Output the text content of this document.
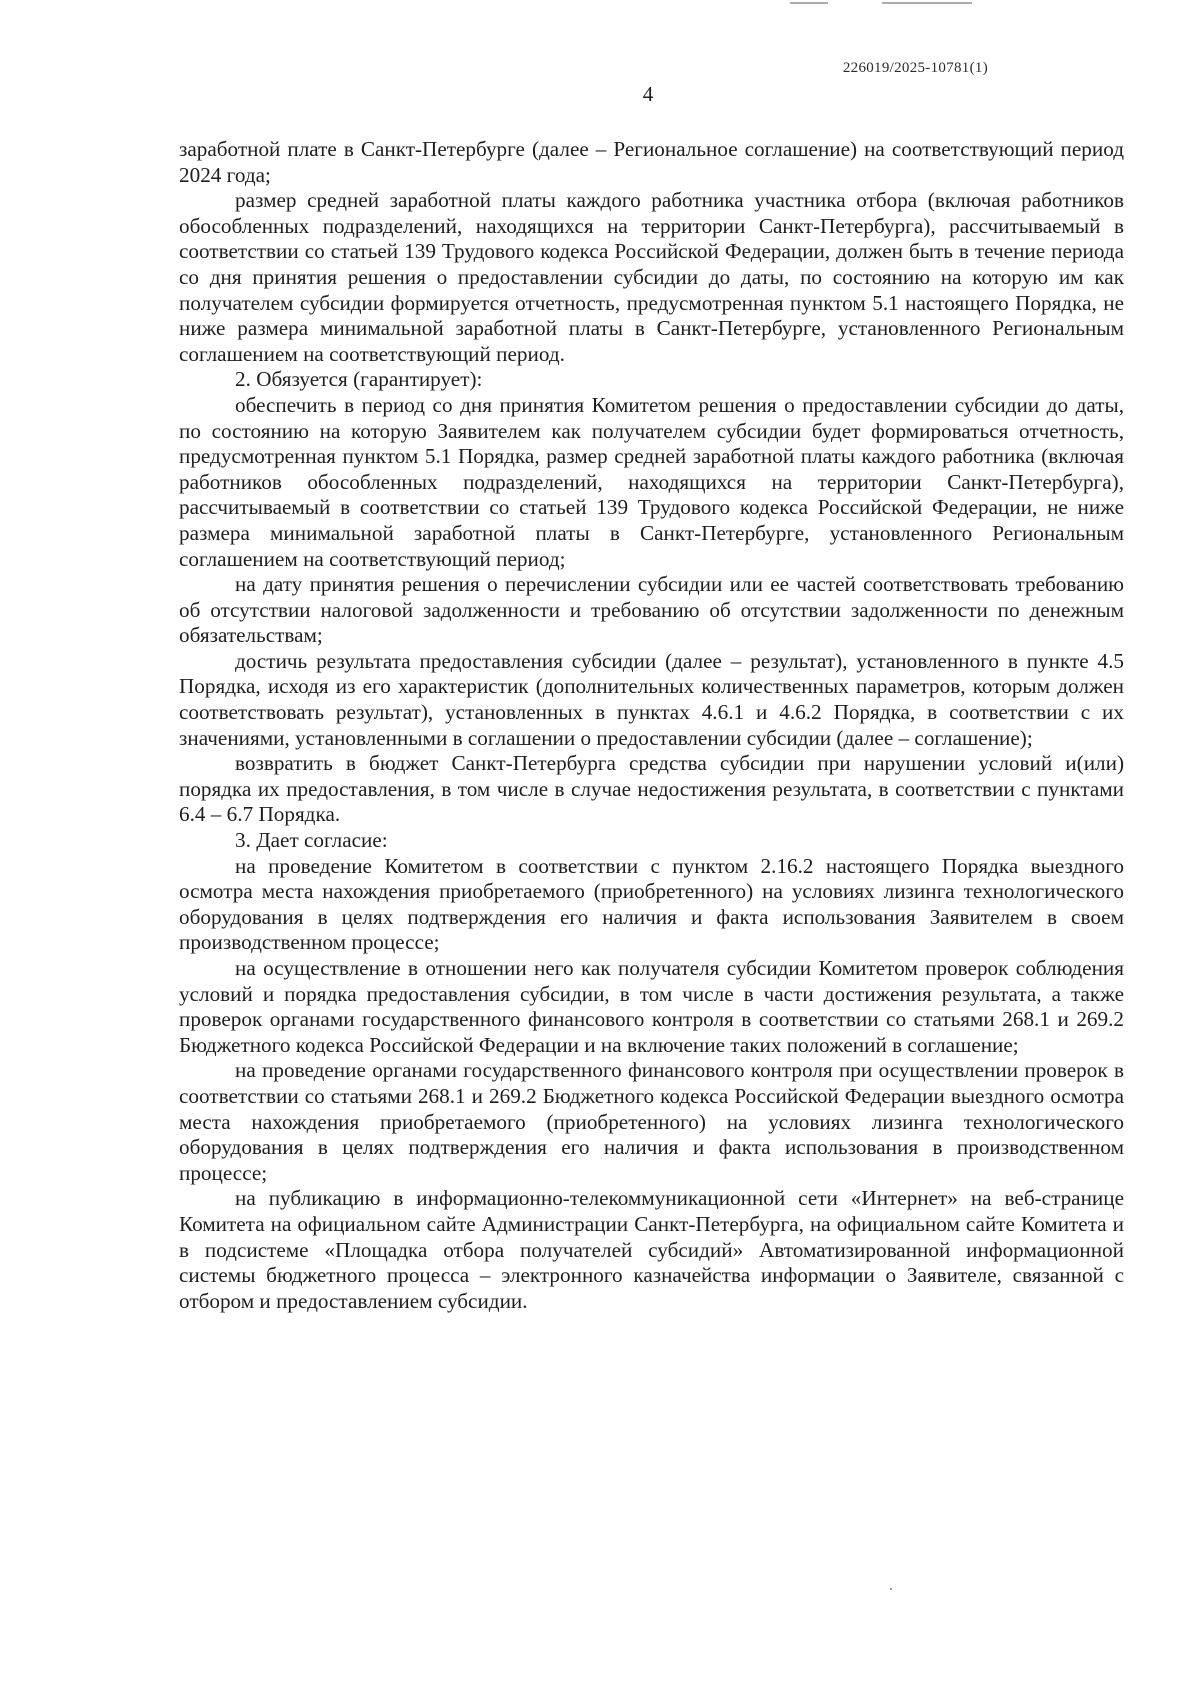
226019/2025-10781(1)
4

заработной плате в Санкт-Петербурге (далее – Региональное соглашение) на соответствующий период 2024 года;

размер средней заработной платы каждого работника участника отбора (включая работников обособленных подразделений, находящихся на территории Санкт-Петербурга), рассчитываемый в соответствии со статьей 139 Трудового кодекса Российской Федерации, должен быть в течение периода со дня принятия решения о предоставлении субсидии до даты, по состоянию на которую им как получателем субсидии формируется отчетность, предусмотренная пунктом 5.1 настоящего Порядка, не ниже размера минимальной заработной платы в Санкт-Петербурге, установленного Региональным соглашением на соответствующий период.

2. Обязуется (гарантирует):

обеспечить в период со дня принятия Комитетом решения о предоставлении субсидии до даты, по состоянию на которую Заявителем как получателем субсидии будет формироваться отчетность, предусмотренная пунктом 5.1 Порядка, размер средней заработной платы каждого работника (включая работников обособленных подразделений, находящихся на территории Санкт-Петербурга), рассчитываемый в соответствии со статьей 139 Трудового кодекса Российской Федерации, не ниже размера минимальной заработной платы в Санкт-Петербурге, установленного Региональным соглашением на соответствующий период;

на дату принятия решения о перечислении субсидии или ее частей соответствовать требованию об отсутствии налоговой задолженности и требованию об отсутствии задолженности по денежным обязательствам;

достичь результата предоставления субсидии (далее – результат), установленного в пункте 4.5 Порядка, исходя из его характеристик (дополнительных количественных параметров, которым должен соответствовать результат), установленных в пунктах 4.6.1 и 4.6.2 Порядка, в соответствии с их значениями, установленными в соглашении о предоставлении субсидии (далее – соглашение);

возвратить в бюджет Санкт-Петербурга средства субсидии при нарушении условий и(или) порядка их предоставления, в том числе в случае недостижения результата, в соответствии с пунктами 6.4 – 6.7 Порядка.

3. Дает согласие:

на проведение Комитетом в соответствии с пунктом 2.16.2 настоящего Порядка выездного осмотра места нахождения приобретаемого (приобретенного) на условиях лизинга технологического оборудования в целях подтверждения его наличия и факта использования Заявителем в своем производственном процессе;

на осуществление в отношении него как получателя субсидии Комитетом проверок соблюдения условий и порядка предоставления субсидии, в том числе в части достижения результата, а также проверок органами государственного финансового контроля в соответствии со статьями 268.1 и 269.2 Бюджетного кодекса Российской Федерации и на включение таких положений в соглашение;

на проведение органами государственного финансового контроля при осуществлении проверок в соответствии со статьями 268.1 и 269.2 Бюджетного кодекса Российской Федерации выездного осмотра места нахождения приобретаемого (приобретенного) на условиях лизинга технологического оборудования в целях подтверждения его наличия и факта использования в производственном процессе;

на публикацию в информационно-телекоммуникационной сети «Интернет» на веб-странице Комитета на официальном сайте Администрации Санкт-Петербурга, на официальном сайте Комитета и в подсистеме «Площадка отбора получателей субсидий» Автоматизированной информационной системы бюджетного процесса – электронного казначейства информации о Заявителе, связанной с отбором и предоставлением субсидии.
